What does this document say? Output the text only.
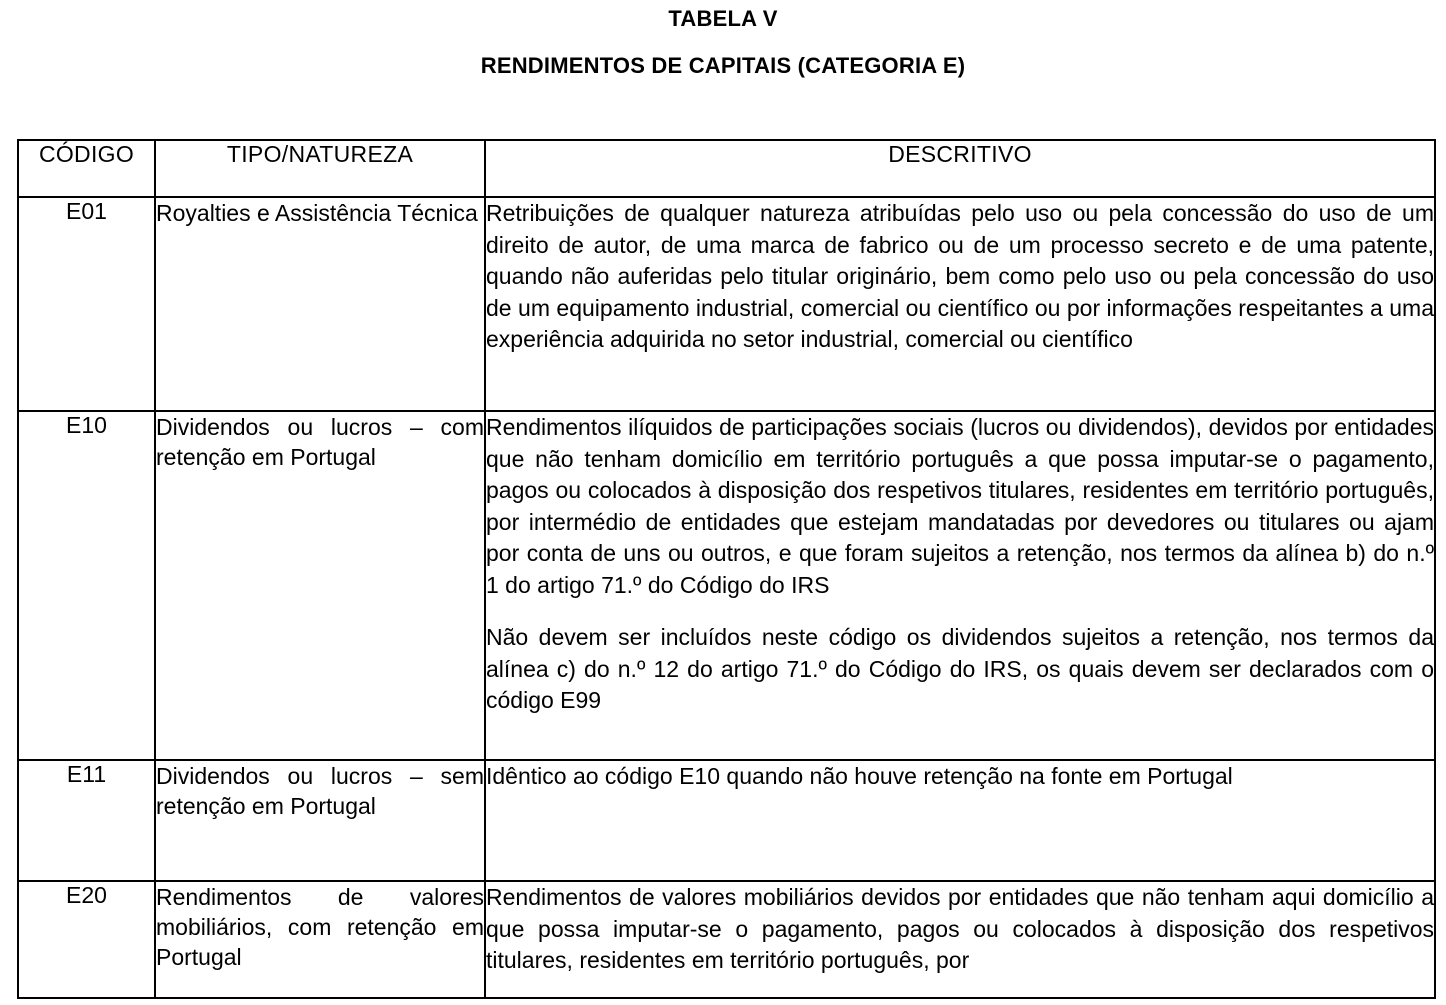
TABELA V
RENDIMENTOS DE CAPITAIS (CATEGORIA E)
CÓDIGO	TIPO/NATUREZA	DESCRITIVO
E01	Royalties e Assistência Técnica	Retribuições de qualquer natureza atribuídas pelo uso ou pela concessão do uso de um direito de autor, de uma marca de fabrico ou de um processo secreto e de uma patente, quando não auferidas pelo titular originário, bem como pelo uso ou pela concessão do uso de um equipamento industrial, comercial ou científico ou por informações respeitantes a uma experiência adquirida no setor industrial, comercial ou científico

E10	Dividendos ou lucros – com retenção em Portugal	Rendimentos ilíquidos de participações sociais (lucros ou dividendos), devidos por entidades que não tenham domicílio em território português a que possa imputar-se o pagamento, pagos ou colocados à disposição dos respetivos titulares, residentes em território português, por intermédio de entidades que estejam mandatadas por devedores ou titulares ou ajam por conta de uns ou outros, e que foram sujeitos a retenção, nos termos da alínea b) do n.º 1 do artigo 71.º do Código do IRS

Não devem ser incluídos neste código os dividendos sujeitos a retenção, nos termos da alínea c) do n.º 12 do artigo 71.º do Código do IRS, os quais devem ser declarados com o código E99

E11	Dividendos ou lucros – sem retenção em Portugal	Idêntico ao código E10 quando não houve retenção na fonte em Portugal

E20	Rendimentos de valores mobiliários, com retenção em Portugal	Rendimentos de valores mobiliários devidos por entidades que não tenham aqui domicílio a que possa imputar-se o pagamento, pagos ou colocados à disposição dos respetivos titulares, residentes em território português, por
